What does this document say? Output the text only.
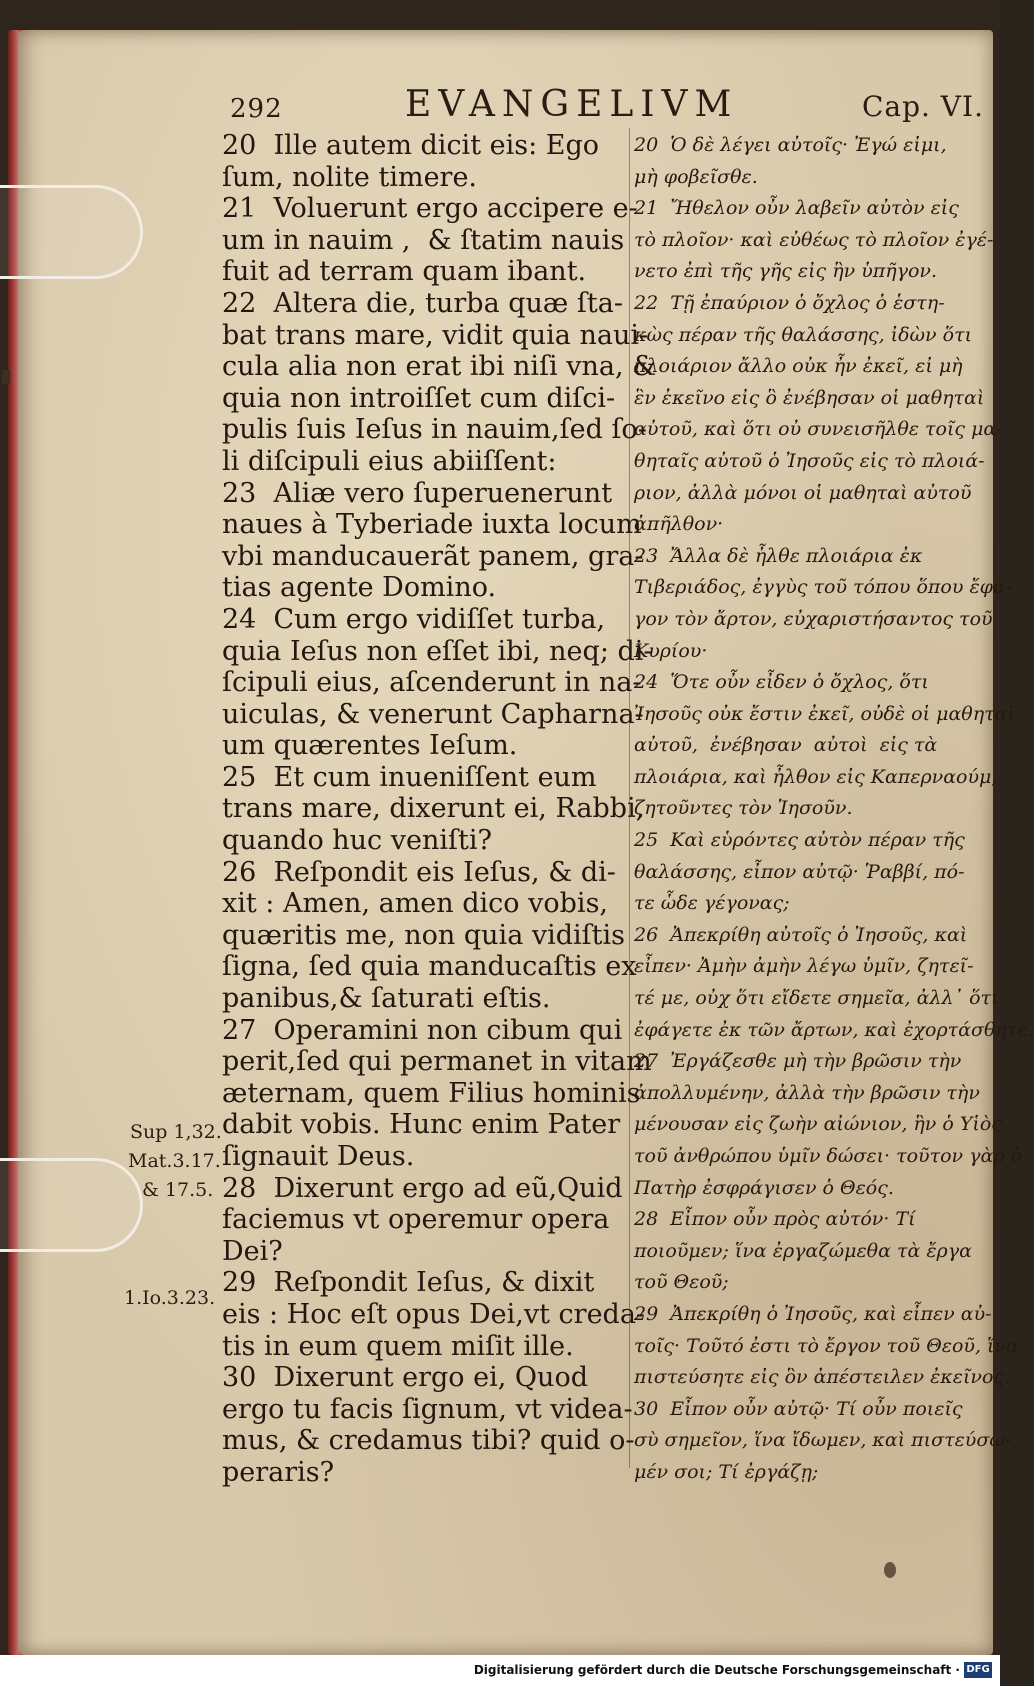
292	EVANGELIVM	Cap. VI.
20  Ille autem dicit eis: Ego
ſum, nolite timere.
21  Voluerunt ergo accipere e-
um in nauim ,  & ſtatim nauis
fuit ad terram quam ibant.
22  Altera die, turba quæ ſta-
bat trans mare, vidit quia naui-
cula alia non erat ibi niſi vna, &
quia non introiſſet cum diſci-
pulis ſuis Ieſus in nauim,ſed ſo-
li diſcipuli eius abiiſſent:
23  Aliæ vero ſuperuenerunt
naues à Tyberiade iuxta locum
vbi manducauerãt panem, gra-
tias agente Domino.
24  Cum ergo vidiſſet turba,
quia Ieſus non eſſet ibi, neq; di-
ſcipuli eius, aſcenderunt in na-
uiculas, & venerunt Capharna-
um quærentes Ieſum.
25  Et cum inueniſſent eum
trans mare, dixerunt ei, Rabbi,
quando huc veniſti?
26  Reſpondit eis Ieſus, & di-
xit : Amen, amen dico vobis,
quæritis me, non quia vidiſtis
ſigna, ſed quia manducaſtis ex
panibus,& ſaturati eſtis.
27  Operamini non cibum qui
perit,ſed qui permanet in vitam
æternam, quem Filius hominis
dabit vobis. Hunc enim Pater
ſignauit Deus.
28  Dixerunt ergo ad eũ,Quid
faciemus vt operemur opera
Dei?
29  Reſpondit Ieſus, & dixit
eis : Hoc eſt opus Dei,vt creda-
tis in eum quem miſit ille.
30  Dixerunt ergo ei, Quod
ergo tu facis ſignum, vt videa-
mus, & credamus tibi? quid o-
peraris?
20  Ὁ δὲ λέγει αὐτοῖς· Ἐγώ εἰμι,
μὴ φοβεῖσθε.
21  Ἤθελον οὖν λαβεῖν αὐτὸν εἰς
τὸ πλοῖον· καὶ εὐθέως τὸ πλοῖον ἐγέ-
νετο ἐπὶ τῆς γῆς εἰς ἣν ὑπῆγον.
22  Τῇ ἐπαύριον ὁ ὄχλος ὁ ἑστη-
κὼς πέραν τῆς θαλάσσης, ἰδὼν ὅτι
πλοιάριον ἄλλο οὐκ ἦν ἐκεῖ, εἰ μὴ
ἓν ἐκεῖνο εἰς ὃ ἐνέβησαν οἱ μαθηταὶ
αὐτοῦ, καὶ ὅτι οὐ συνεισῆλθε τοῖς μα-
θηταῖς αὐτοῦ ὁ Ἰησοῦς εἰς τὸ πλοιά-
ριον, ἀλλὰ μόνοι οἱ μαθηταὶ αὐτοῦ
ἀπῆλθον·
23  Ἄλλα δὲ ἦλθε πλοιάρια ἐκ
Τιβεριάδος, ἐγγὺς τοῦ τόπου ὅπου ἔφα-
γον τὸν ἄρτον, εὐχαριστήσαντος τοῦ
Κυρίου·
24  Ὅτε οὖν εἶδεν ὁ ὄχλος, ὅτι
Ἰησοῦς οὐκ ἔστιν ἐκεῖ, οὐδὲ οἱ μαθηταὶ
αὐτοῦ,  ἐνέβησαν  αὐτοὶ  εἰς τὰ
πλοιάρια, καὶ ἦλθον εἰς Καπερναούμ,
ζητοῦντες τὸν Ἰησοῦν.
25  Καὶ εὑρόντες αὐτὸν πέραν τῆς
θαλάσσης, εἶπον αὐτῷ· Ῥαββί, πό-
τε ὧδε γέγονας;
26  Ἀπεκρίθη αὐτοῖς ὁ Ἰησοῦς, καὶ
εἶπεν· Ἀμὴν ἀμὴν λέγω ὑμῖν, ζητεῖ-
τέ με, οὐχ ὅτι εἴδετε σημεῖα, ἀλλ᾽ ὅτι
ἐφάγετε ἐκ τῶν ἄρτων, καὶ ἐχορτάσθητε.
27  Ἐργάζεσθε μὴ τὴν βρῶσιν τὴν
ἀπολλυμένην, ἀλλὰ τὴν βρῶσιν τὴν
μένουσαν εἰς ζωὴν αἰώνιον, ἣν ὁ Υἱὸς
τοῦ ἀνθρώπου ὑμῖν δώσει· τοῦτον γὰρ ὁ
Πατὴρ ἐσφράγισεν ὁ Θεός.
28  Εἶπον οὖν πρὸς αὐτόν· Τί
ποιοῦμεν; ἵνα ἐργαζώμεθα τὰ ἔργα
τοῦ Θεοῦ;
29  Ἀπεκρίθη ὁ Ἰησοῦς, καὶ εἶπεν αὐ-
τοῖς· Τοῦτό ἐστι τὸ ἔργον τοῦ Θεοῦ, ἵνα
πιστεύσητε εἰς ὃν ἀπέστειλεν ἐκεῖνος.
30  Εἶπον οὖν αὐτῷ· Τί οὖν ποιεῖς
σὺ σημεῖον, ἵνα ἴδωμεν, καὶ πιστεύσω-
μέν σοι; Τί ἐργάζῃ;
Sup 1,32.
Mat.3.17.
& 17.5.
1.Io.3.23.
Digitalisierung gefördert durch die Deutsche Forschungsgemeinschaft · DFG
